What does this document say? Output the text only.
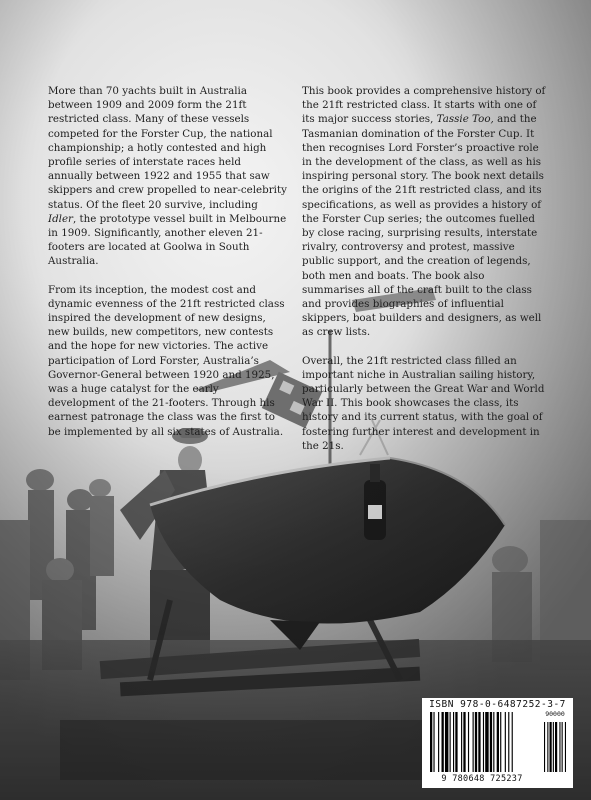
More than 70 yachts built in Australia between 1909 and 2009 form the 21ft restricted class. Many of these vessels competed for the Forster Cup, the national championship; a hotly contested and high profile series of interstate races held annually between 1922 and 1955 that saw skippers and crew propelled to near-celebrity status. Of the fleet 20 survive, including Idler, the prototype vessel built in Melbourne in 1909. Significantly, another eleven 21-footers are located at Goolwa in South Australia.

From its inception, the modest cost and dynamic evenness of the 21ft restricted class inspired the development of new designs, new builds, new competitors, new contests and the hope for new victories. The active participation of Lord Forster, Australia’s Governor-General between 1920 and 1925, was a huge catalyst for the early development of the 21-footers. Through his earnest patronage the class was the first to be implemented by all six states of Australia.

This book provides a comprehensive history of the 21ft restricted class. It starts with one of its major success stories, Tassie Too, and the Tasmanian domination of the Forster Cup. It then recognises Lord Forster’s proactive role in the development of the class, as well as his inspiring personal story. The book next details the origins of the 21ft restricted class, and its specifications, as well as provides a history of the Forster Cup series; the outcomes fuelled by close racing, surprising results, interstate rivalry, controversy and protest, massive public support, and the creation of legends, both men and boats. The book also summarises all of the craft built to the class and provides biographies of influential skippers, boat builders and designers, as well as crew lists.

Overall, the 21ft restricted class filled an important niche in Australian sailing history, particularly between the Great War and World War II. This book showcases the class, its history and its current status, with the goal of fostering further interest and development in the 21s.

ISBN 978-0-6487252-3-7
90000
9 780648 725237
